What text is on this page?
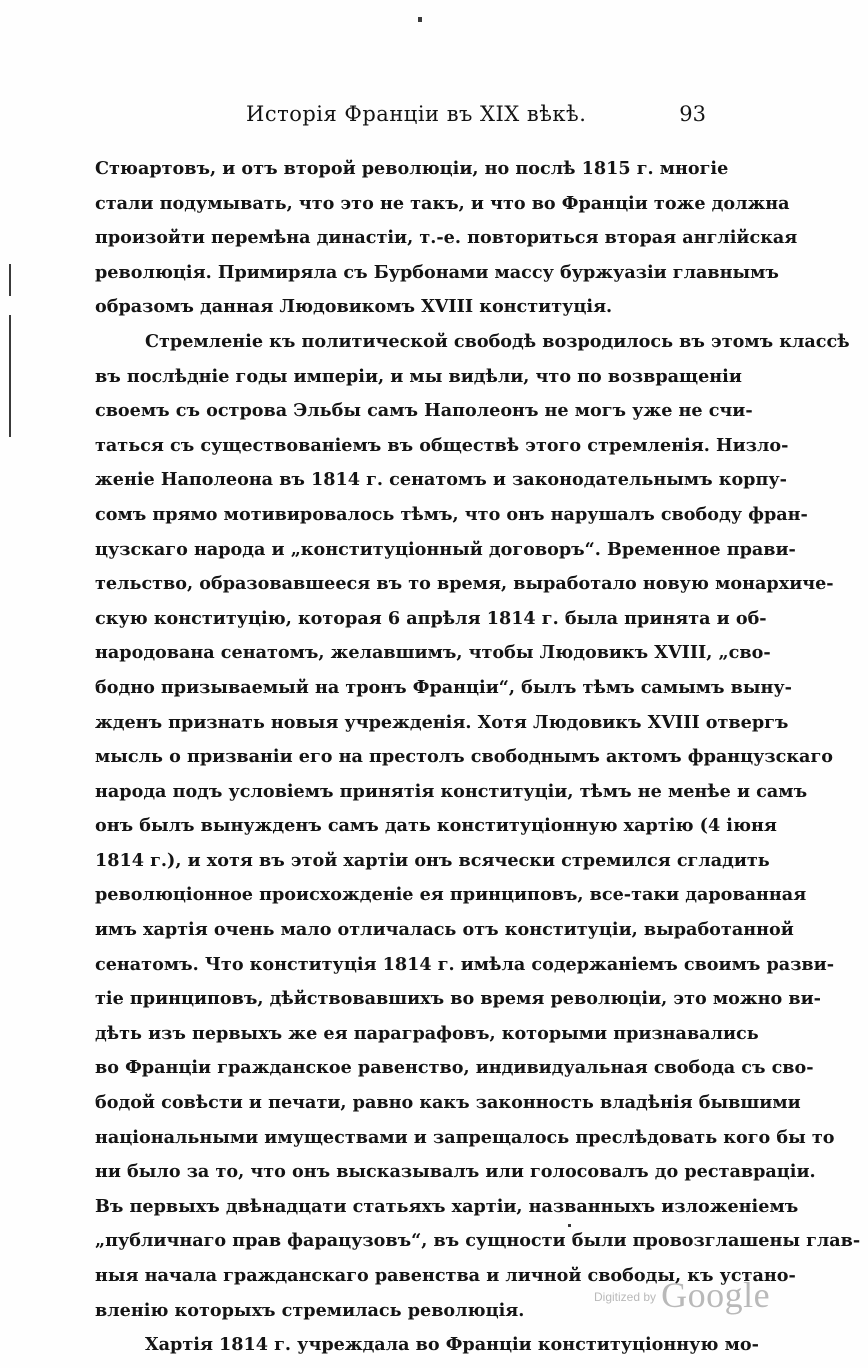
Исторія Франціи въ XIX вѣкѣ.	93
Стюартовъ, и отъ второй революціи, но послѣ 1815 г. многіе
стали подумывать, что это не такъ, и что во Франціи тоже должна
произойти перемѣна династіи, т.-е. повториться вторая англійская
революція. Примиряла съ Бурбонами массу буржуазіи главнымъ
образомъ данная Людовикомъ XVIII конституція.
Стремленіе къ политической свободѣ возродилось въ этомъ классѣ
въ послѣдніе годы имперіи, и мы видѣли, что по возвращеніи
своемъ съ острова Эльбы самъ Наполеонъ не могъ уже не счи-
таться съ существованіемъ въ обществѣ этого стремленія. Низло-
женіе Наполеона въ 1814 г. сенатомъ и законодательнымъ корпу-
сомъ прямо мотивировалось тѣмъ, что онъ нарушалъ свободу фран-
цузскаго народа и „конституціонный договоръ“. Временное прави-
тельство, образовавшееся въ то время, выработало новую монархиче-
скую конституцію, которая 6 апрѣля 1814 г. была принята и об-
народована сенатомъ, желавшимъ, чтобы Людовикъ XVIII, „сво-
бодно призываемый на тронъ Франціи“, былъ тѣмъ самымъ выну-
жденъ признать новыя учрежденія. Хотя Людовикъ XVIII отвергъ
мысль о призваніи его на престолъ свободнымъ актомъ французскаго
народа подъ условіемъ принятія конституціи, тѣмъ не менѣе и самъ
онъ былъ вынужденъ самъ дать конституціонную хартію (4 іюня
1814 г.), и хотя въ этой хартіи онъ всячески стремился сгладить
революціонное происхожденіе ея принциповъ, все-таки дарованная
имъ хартія очень мало отличалась отъ конституціи, выработанной
сенатомъ. Что конституція 1814 г. имѣла содержаніемъ своимъ разви-
тіе принциповъ, дѣйствовавшихъ во время революціи, это можно ви-
дѣть изъ первыхъ же ея параграфовъ, которыми признавались
во Франціи гражданское равенство, индивидуальная свобода съ сво-
бодой совѣсти и печати, равно какъ законность владѣнія бывшими
національными имуществами и запрещалось преслѣдовать кого бы то
ни было за то, что онъ высказывалъ или голосовалъ до реставраціи.
Въ первыхъ двѣнадцати статьяхъ хартіи, названныхъ изложеніемъ
„публичнаго прав фарацузовъ“, въ сущности были провозглашены глав-
ныя начала гражданскаго равенства и личной свободы, къ устано-
вленію которыхъ стремилась революція.
Хартія 1814 г. учреждала во Франціи конституціонную мо-
$^{Digitized by}$ Google
